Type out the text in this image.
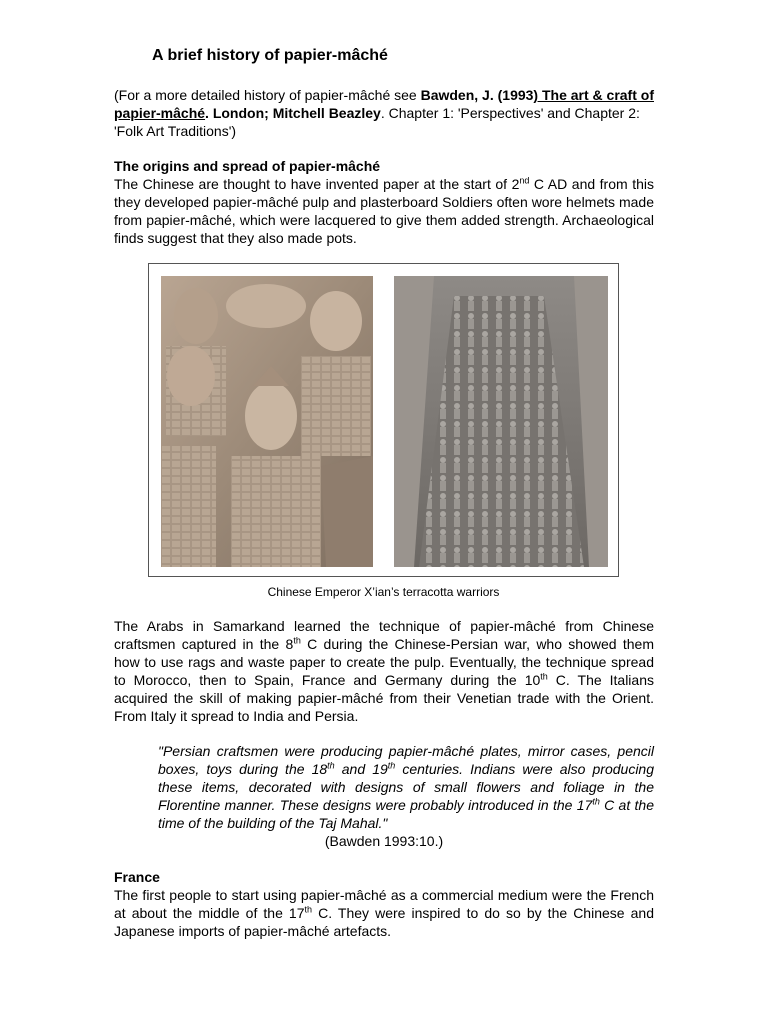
A brief history of papier-mâché

(For a more detailed history of papier-mâché see Bawden, J. (1993) The art & craft of papier-mâché. London; Mitchell Beazley. Chapter 1: 'Perspectives' and Chapter 2: 'Folk Art Traditions')

The origins and spread of papier-mâché

The Chinese are thought to have invented paper at the start of 2nd C AD and from this they developed papier-mâché pulp and plasterboard Soldiers often wore helmets made from papier-mâché, which were lacquered to give them added strength. Archaeological finds suggest that they also made pots.

The Arabs in Samarkand learned the technique of papier-mâché from Chinese craftsmen captured in the 8th C during the Chinese-Persian war, who showed them how to use rags and waste paper to create the pulp. Eventually, the technique spread to Morocco, then to Spain, France and Germany during the 10th C. The Italians acquired the skill of making papier-mâché from their Venetian trade with the Orient. From Italy it spread to India and Persia.

"Persian craftsmen were producing papier-mâché plates, mirror cases, pencil boxes, toys during the 18th and 19th centuries. Indians were also producing these items, decorated with designs of small flowers and foliage in the Florentine manner. These designs were probably introduced in the 17th C at the time of the building of the Taj Mahal."

(Bawden 1993:10.)

France

The first people to start using papier-mâché as a commercial medium were the French at about the middle of the 17th C. They were inspired to do so by the Chinese and Japanese imports of papier-mâché artefacts.

Chinese Emperor X’ian’s terracotta warriors
